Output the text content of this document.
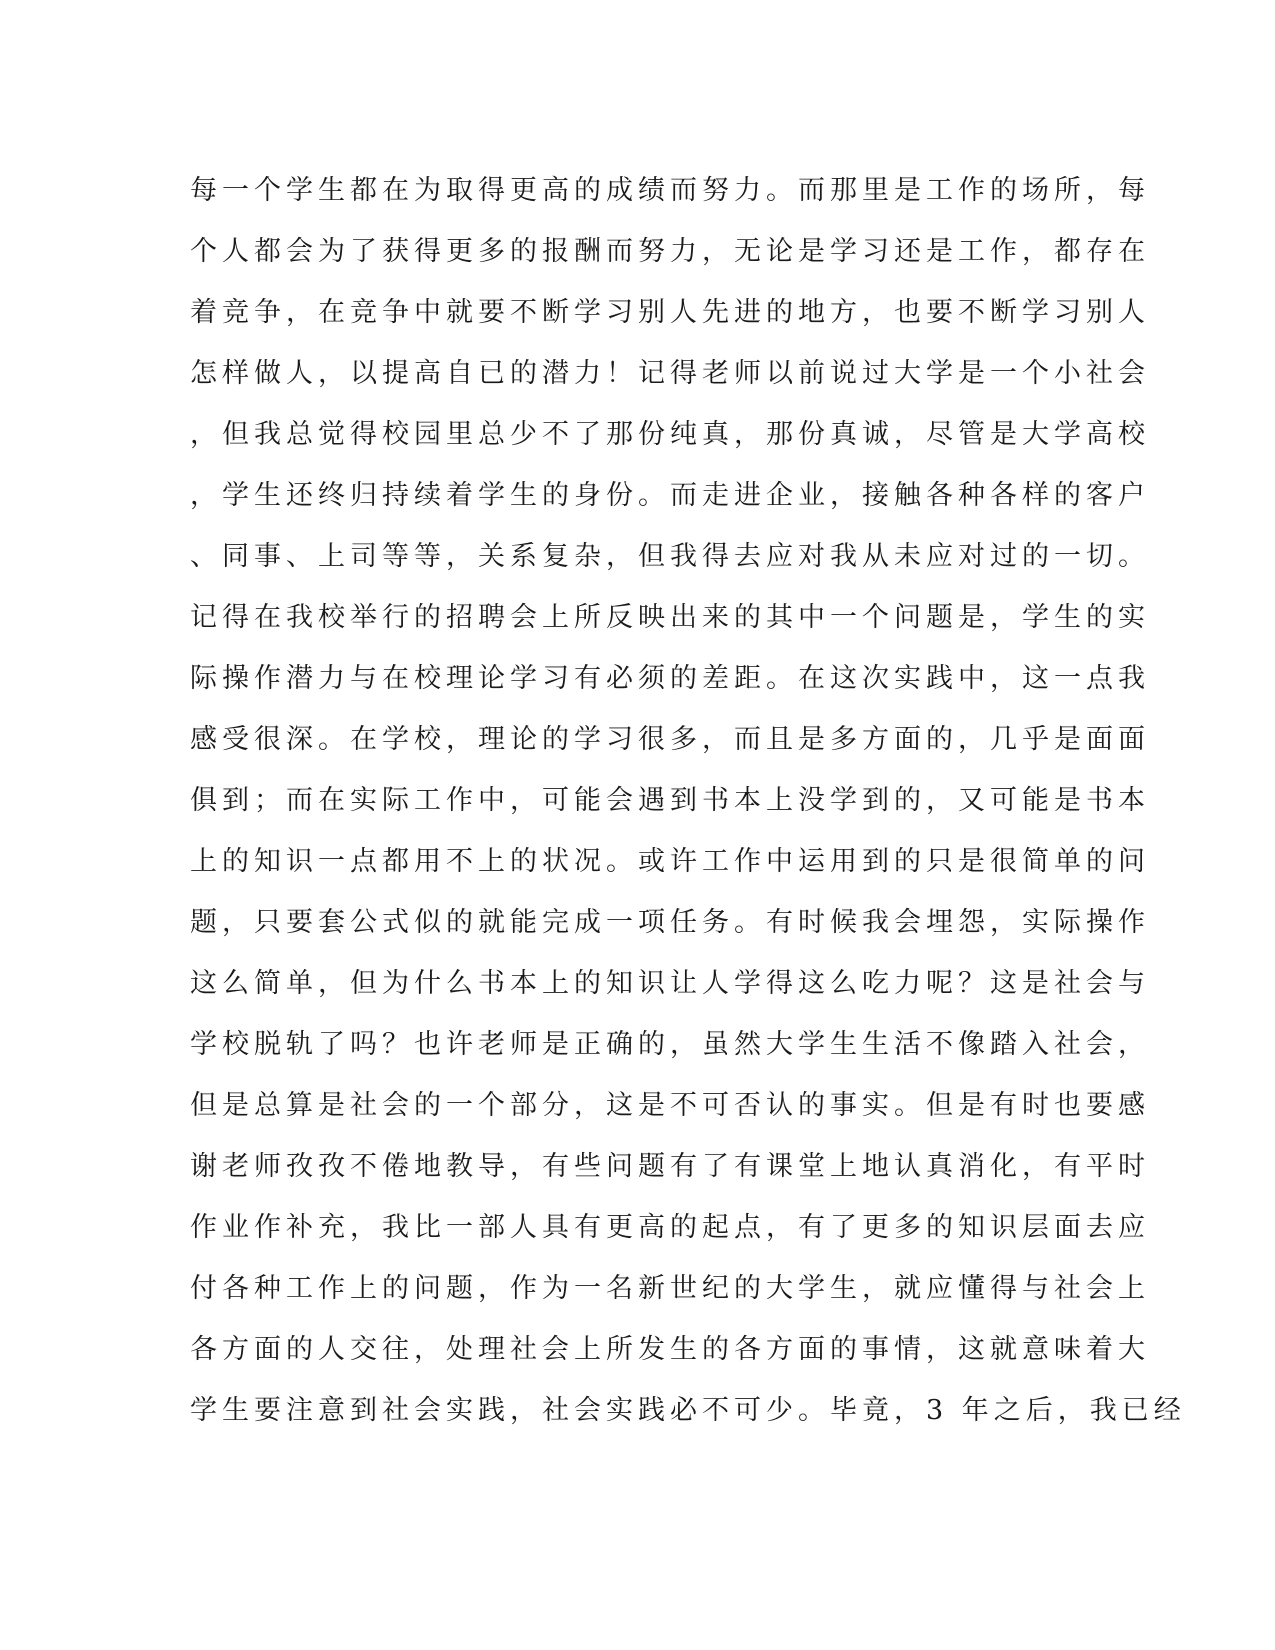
每一个学生都在为取得更高的成绩而努力。而那里是工作的场所，每
个人都会为了获得更多的报酬而努力，无论是学习还是工作，都存在
着竞争，在竞争中就要不断学习别人先进的地方，也要不断学习别人
怎样做人，以提高自已的潜力！记得老师以前说过大学是一个小社会
，但我总觉得校园里总少不了那份纯真，那份真诚，尽管是大学高校
，学生还终归持续着学生的身份。而走进企业，接触各种各样的客户
、同事、上司等等，关系复杂，但我得去应对我从未应对过的一切。
记得在我校举行的招聘会上所反映出来的其中一个问题是，学生的实
际操作潜力与在校理论学习有必须的差距。在这次实践中，这一点我
感受很深。在学校，理论的学习很多，而且是多方面的，几乎是面面
俱到；而在实际工作中，可能会遇到书本上没学到的，又可能是书本
上的知识一点都用不上的状况。或许工作中运用到的只是很简单的问
题，只要套公式似的就能完成一项任务。有时候我会埋怨，实际操作
这么简单，但为什么书本上的知识让人学得这么吃力呢？这是社会与
学校脱轨了吗？也许老师是正确的，虽然大学生生活不像踏入社会，
但是总算是社会的一个部分，这是不可否认的事实。但是有时也要感
谢老师孜孜不倦地教导，有些问题有了有课堂上地认真消化，有平时
作业作补充，我比一部人具有更高的起点，有了更多的知识层面去应
付各种工作上的问题，作为一名新世纪的大学生，就应懂得与社会上
各方面的人交往，处理社会上所发生的各方面的事情，这就意味着大
学生要注意到社会实践，社会实践必不可少。毕竟，3 年之后，我已经
